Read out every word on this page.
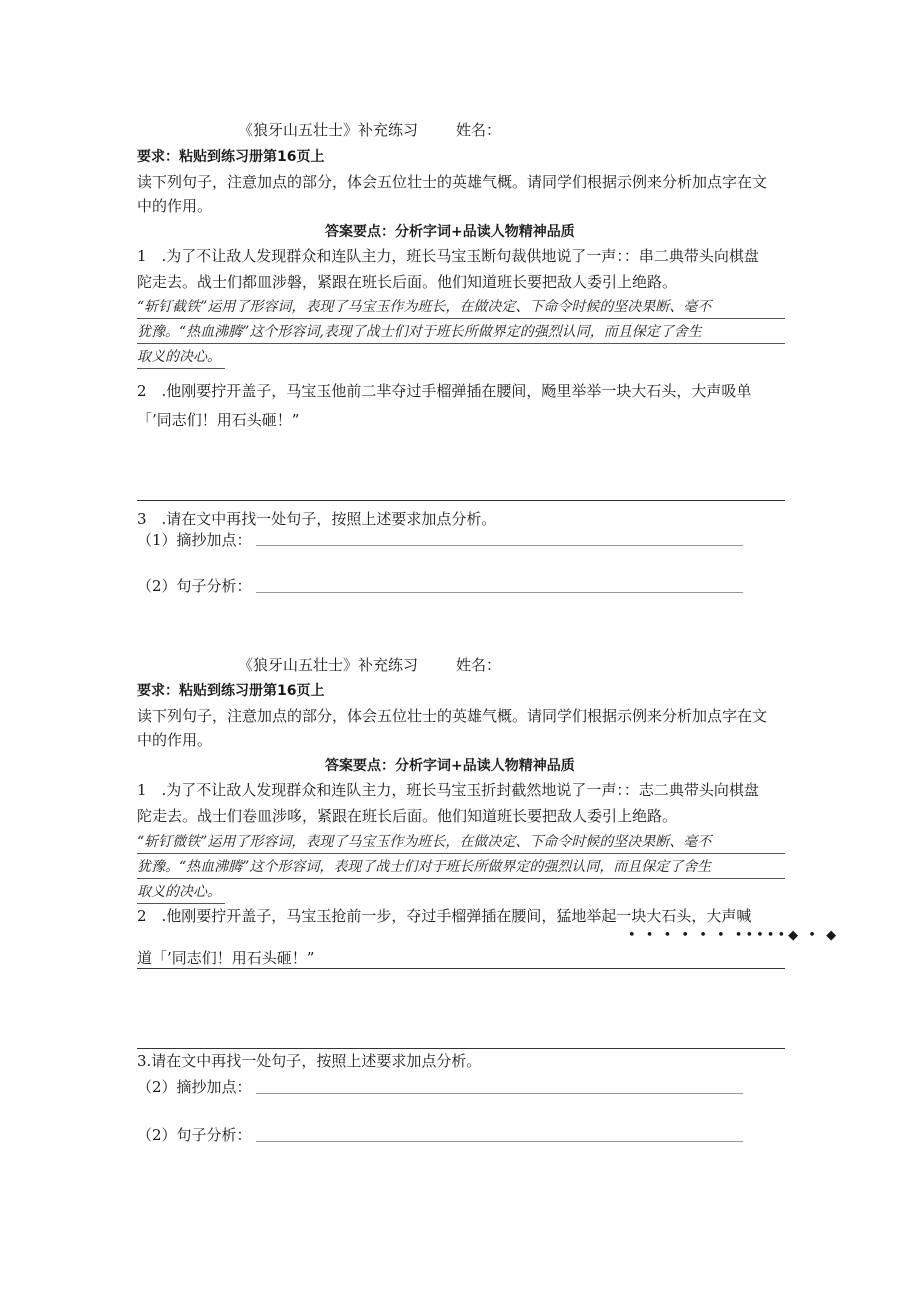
《狼牙山五壮士》补充练习	姓名：
要求：粘贴到练习册第16页上
读下列句子，注意加点的部分，体会五位壮士的英雄气概。请同学们根据示例来分析加点字在文
中的作用。
答案要点：分析字词+品读人物精神品质
1　.为了不让敌人发现群众和连队主力，班长马宝玉断句裁供地说了一声：：串二典带头向棋盘
陀走去。战士们都皿涉磐，紧跟在班长后面。他们知道班长要把敌人委引上绝路。
“斩钉截铁”运用了形容词，表现了马宝玉作为班长，在做决定、下命令时候的坚决果断、毫不
犹豫。“热血沸腾”这个形容词,表现了战士们对于班长所做界定的强烈认同，而且保定了舍生
取义的决心。
2　.他刚要拧开盖子，马宝玉他前二芈夺过手榴弹插在腰间，飏里举举一块大石头，大声吸单
「’同志们！用石头砸！”
3　.请在文中再找一处句子，按照上述要求加点分析。
（1）摘抄加点：
（2）句子分析：
《狼牙山五壮士》补充练习	姓名：
要求：粘贴到练习册第16页上
读下列句子，注意加点的部分，体会五位壮士的英雄气概。请同学们根据示例来分析加点字在文
中的作用。
答案要点：分析字词+品读人物精神品质
1　.为了不让敌人发现群众和连队主力，班长马宝玉折封截然地说了一声：：志二典带头向棋盘
陀走去。战士们卷皿涉哆，紧跟在班长后面。他们知道班长要把敌人委引上绝路。
“斩钉微铁”运用了形容词，表现了马宝玉作为班长，在做决定、下命令时候的坚决果断、毫不
犹豫。“热血沸腾”这个形容词，表现了战士们对于班长所做界定的强烈认同，而且保定了舍生
取义的决心。
2　.他刚要拧开盖子，马宝玉抢前一步，夺过手榴弹插在腰间，猛地举起一块大石头，大声喊
• • • • • • •••••◆ • ◆
道「’同志们！用石头砸！”
3.请在文中再找一处句子，按照上述要求加点分析。
（2）摘抄加点：
（2）句子分析：
